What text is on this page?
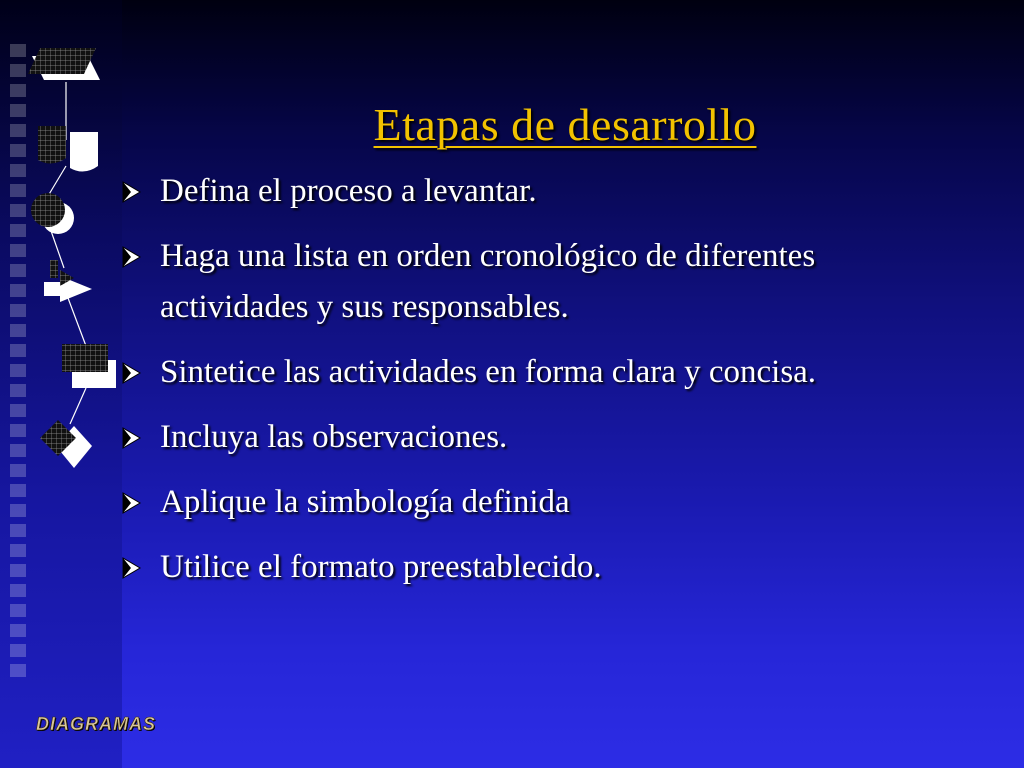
Etapas de desarrollo
Defina el proceso a levantar.
Haga una lista en orden cronológico de diferentes actividades y sus responsables.
Sintetice las actividades en forma clara y concisa.
Incluya las observaciones.
Aplique la simbología definida
Utilice el formato preestablecido.
DIAGRAMAS
